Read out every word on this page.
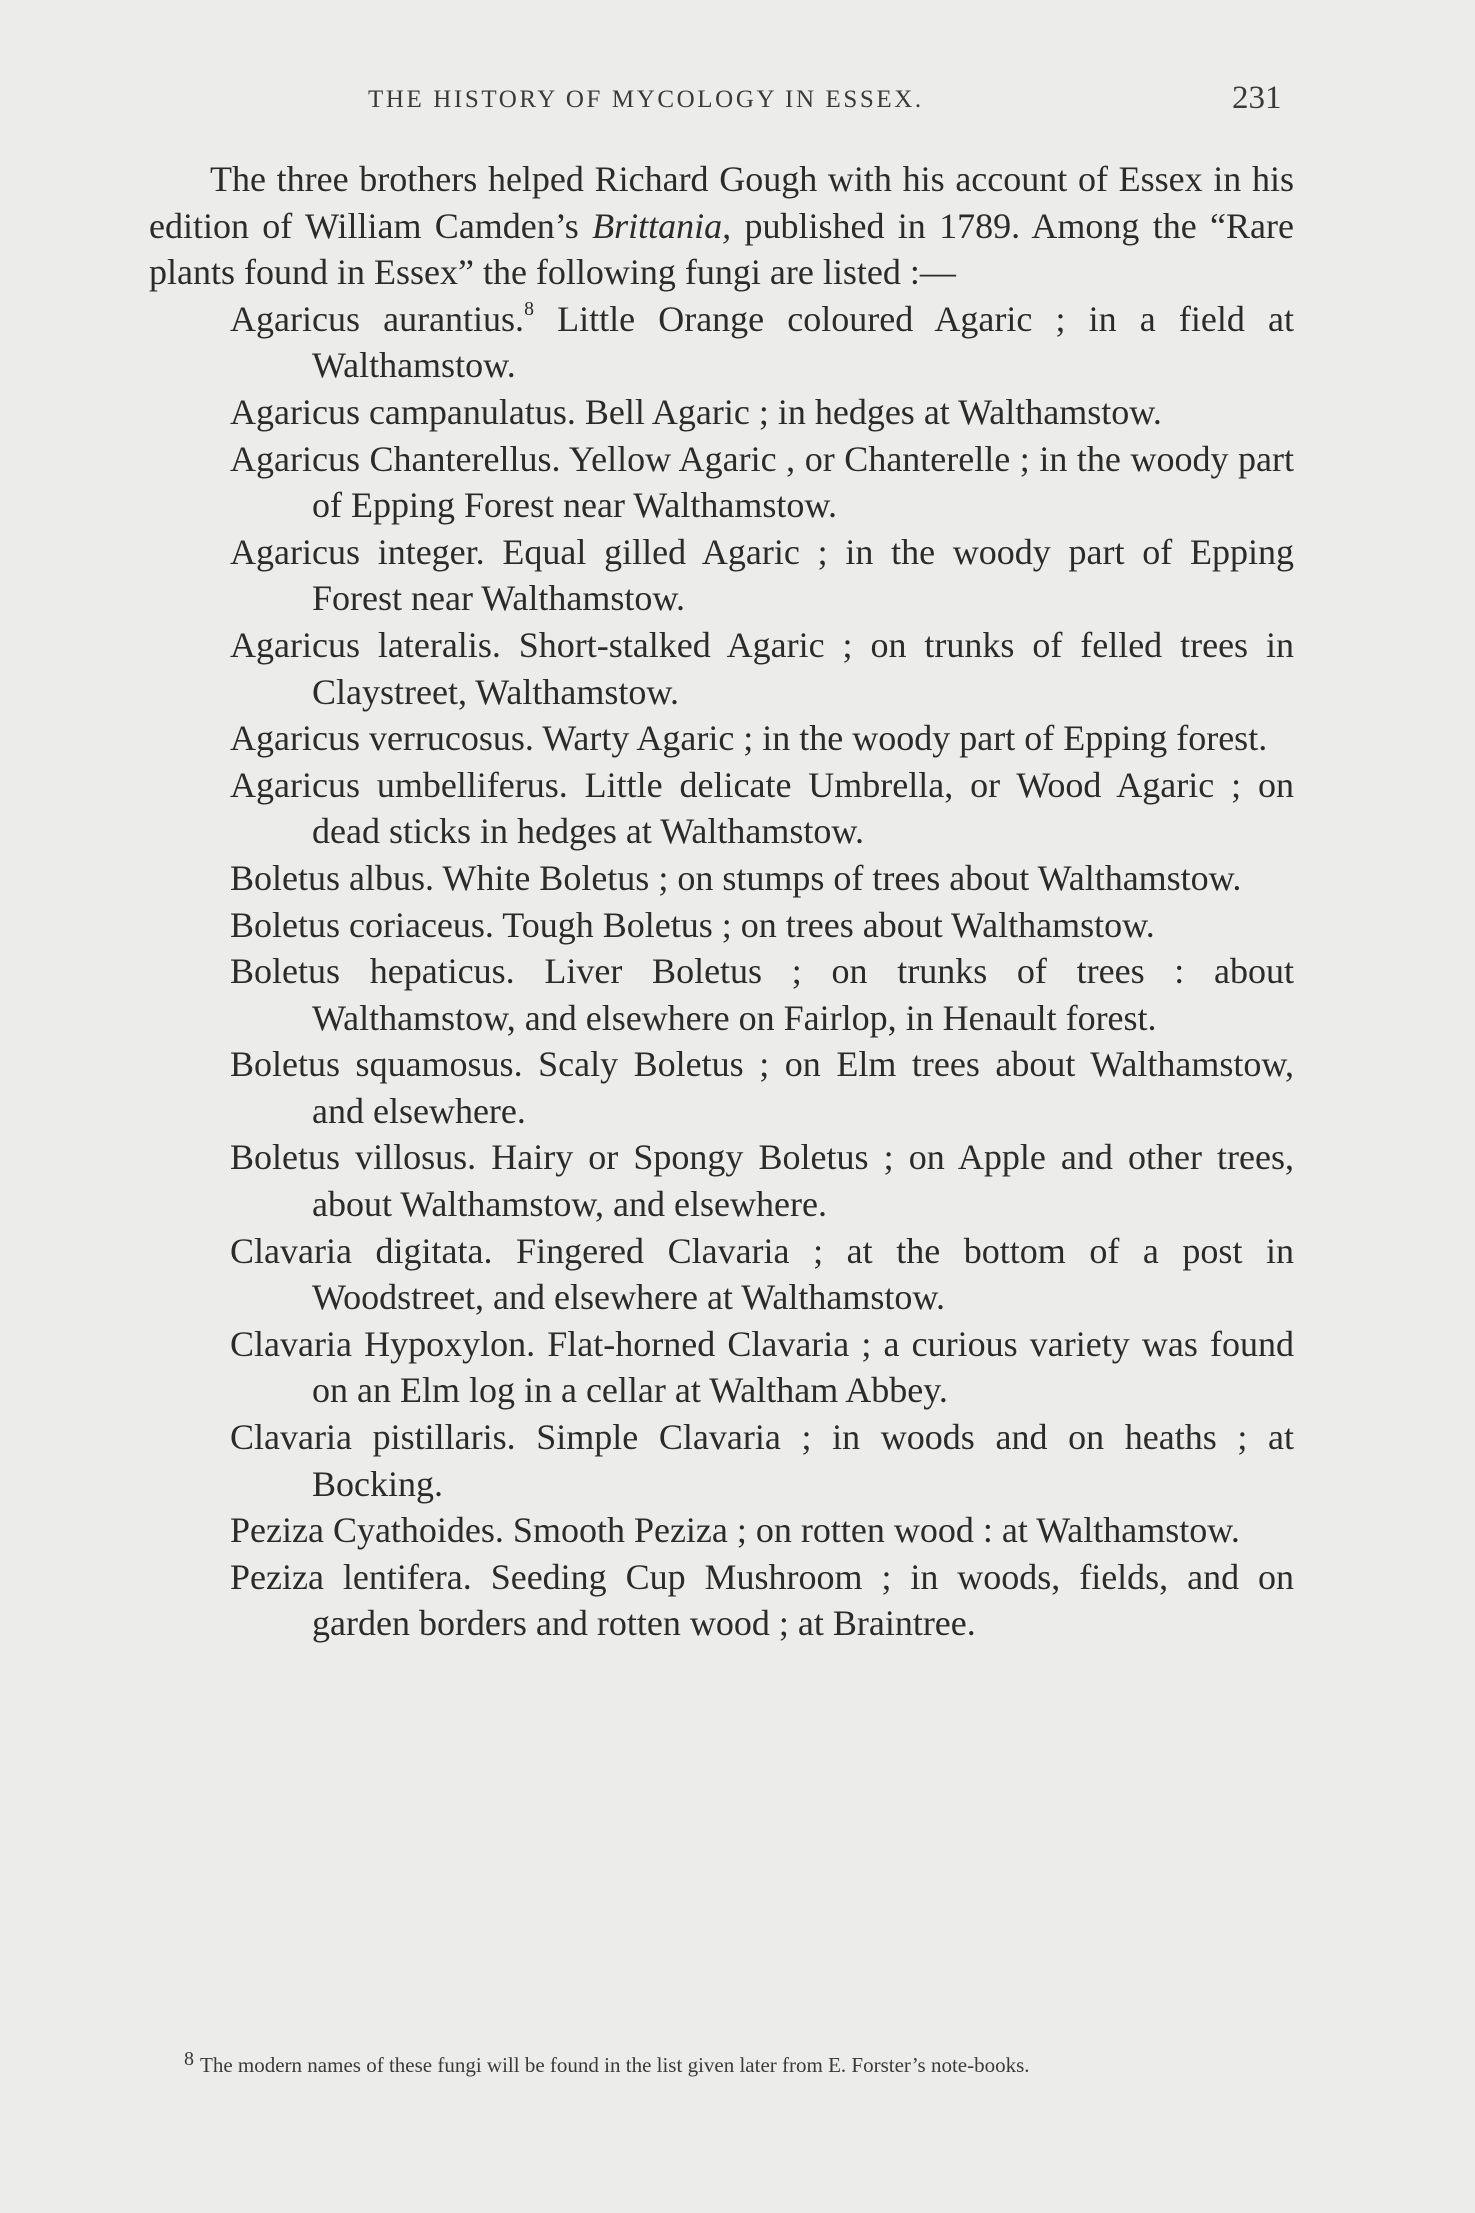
THE HISTORY OF MYCOLOGY IN ESSEX.	231

The three brothers helped Richard Gough with his account of Essex in his edition of William Camden’s Brittania, published in 1789. Among the “Rare plants found in Essex” the following fungi are listed :—

Agaricus aurantius.$^8$ Little Orange coloured Agaric ; in a field at Walthamstow.
Agaricus campanulatus. Bell Agaric ; in hedges at Walthamstow.
Agaricus Chanterellus. Yellow Agaric , or Chanterelle ; in the woody part of Epping Forest near Walthamstow.
Agaricus integer. Equal gilled Agaric ; in the woody part of Epping Forest near Walthamstow.
Agaricus lateralis. Short-stalked Agaric ; on trunks of felled trees in Claystreet, Walthamstow.
Agaricus verrucosus. Warty Agaric ; in the woody part of Epping forest.
Agaricus umbelliferus. Little delicate Umbrella, or Wood Agaric ; on dead sticks in hedges at Walthamstow.
Boletus albus. White Boletus ; on stumps of trees about Walthamstow.
Boletus coriaceus. Tough Boletus ; on trees about Walthamstow.
Boletus hepaticus. Liver Boletus ; on trunks of trees : about Walthamstow, and elsewhere on Fairlop, in Henault forest.
Boletus squamosus. Scaly Boletus ; on Elm trees about Walthamstow, and elsewhere.
Boletus villosus. Hairy or Spongy Boletus ; on Apple and other trees, about Walthamstow, and elsewhere.
Clavaria digitata. Fingered Clavaria ; at the bottom of a post in Woodstreet, and elsewhere at Walthamstow.
Clavaria Hypoxylon. Flat-horned Clavaria ; a curious variety was found on an Elm log in a cellar at Waltham Abbey.
Clavaria pistillaris. Simple Clavaria ; in woods and on heaths ; at Bocking.
Peziza Cyathoides. Smooth Peziza ; on rotten wood : at Walthamstow.
Peziza lentifera. Seeding Cup Mushroom ; in woods, fields, and on garden borders and rotten wood ; at Braintree.
8 The modern names of these fungi will be found in the list given later from E. Forster’s note-books.
